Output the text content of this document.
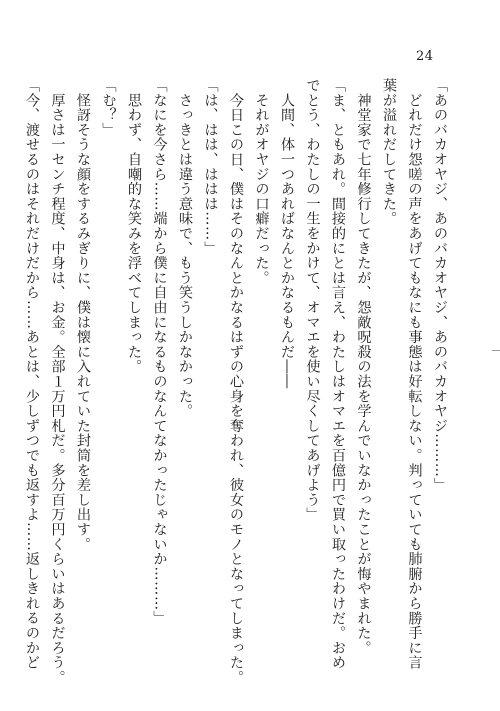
24
「あのバカオヤジ、あのバカオヤジ、あのバカオヤジ………」
　どれだけ怨嗟の声をあげてもなにも事態は好転しない。判っていても肺腑から勝手に言
葉が溢れだしてきた。
　神堂家で七年修行してきたが、怨敵呪殺の法を学んでいなかったことが悔やまれた。
「ま、ともあれ。間接的にとは言え、わたしはオマエを百億円で買い取ったわけだ。おめ
でとう、わたしの一生をかけて、オマエを使い尽くしてあげよう」
　人間、体一つあればなんとかなるもんだ――
　それがオヤジの口癖だった。
　今日この日、僕はそのなんとかなるはずの心身を奪われ、彼女のモノとなってしまった。
「は、はは、ははは……」
　さっきとは違う意味で、もう笑うしかなかった。
「なにを今さら……端から僕に自由になるものなんてなかったじゃないか………」
　思わず、自嘲的な笑みを浮べてしまった。
「む？」
　怪訝そうな顔をするみぎりに、僕は懐に入れていた封筒を差し出す。
　厚さは一センチ程度、中身は、お金。全部１万円札だ。多分百万円くらいはあるだろう。
「今、渡せるのはそれだけだから……あとは、少しずつでも返すよ……返しきれるのかど
